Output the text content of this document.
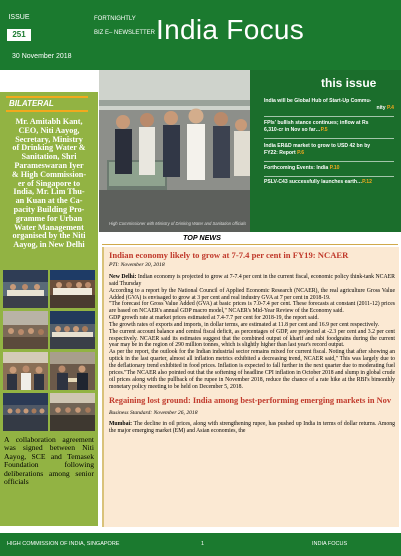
ISSUE
251
FORTNIGHTLY
BIZ E– NEWSLETTER India Focus
30 November 2018
BILATERAL
Mr. Amitabh Kant,
CEO, Niti Aayog,
Secretary, Ministry
of Drinking Water &
Sanitation, Shri
Parameswaran Iyer
& High Commission-
er of Singapore to
India, Mr. Lim Thu-
an Kuan at the Ca-
pacity Building Pro-
gramme for Urban
Water Management
organised by the Niti
Aayog, in New Delhi
A collaboration agreement was signed between Niti Aayog, SCE and Temasek Foundation following deliberations among senior officials
High Commissioner with Ministry of Drinking Water and Sanitation officials
this issue
India will be Global Hub of Start-Up Commu-
nity P.4
FPIs' bullish stance continues; inflow at Rs
6,310-cr in Nov so far…P.5
India ER&D market to grow to USD 42 bn by
FY22: Report P.6
Forthcoming Events: India P.10
PSLV-C43 successfully launches earth…P.12
TOP NEWS
Indian economy likely to grow at 7-7.4 per cent in FY19: NCAER
PTI: November 30, 2018
New Delhi: Indian economy is projected to grow at 7-7.4 per cent in the current fiscal, economic policy think-tank NCAER said Thursday
According to a report by the National Council of Applied Economic Research (NCAER), the real agriculture Gross Value Added (GVA) is envisaged to grow at 3 per cent and real industry GVA at 7 per cent in 2018-19.
"The forecast for Gross Value Added (GVA) at basic prices is 7.0-7.4 per cent. These forecasts at constant (2011-12) prices are based on NCAER's annual GDP macro model," NCAER's Mid-Year Review of the Economy said.
GDP growth rate at market prices estimated at 7.4-7.7 per cent for 2018-19, the report said.
The growth rates of exports and imports, in dollar terms, are estimated at 11.8 per cent and 16.9 per cent respectively.
The current account balance and central fiscal deficit, as percentages of GDP, are projected at -2.3 per cent and 3.2 per cent respectively. NCAER said its estimates suggest that the combined output of kharif and rabi foodgrains during the current year may be in the region of 290 million tonnes, which is slightly higher than last year's record output.
As per the report, the outlook for the Indian industrial sector remains mixed for current fiscal. Noting that after showing an uptick in the last quarter, almost all inflation metrics exhibited a decreasing trend, NCAER said," This was largely due to the deflationary trend exhibited in food prices. Inflation is expected to fall further in the next quarter due to moderating fuel prices."The NCAER also pointed out that the softening of headline CPI inflation in October 2018 and slump in global crude oil prices along with the pullback of the rupee in November 2018, reduce the chance of a rate hike at the RBI's bimonthly monetary policy meeting to be held on December 5, 2018.
Regaining lost ground: India among best-performing emerging markets in Nov
Business Standard: November 26, 2018
Mumbai: The decline in oil prices, along with strengthening rupee, has pushed up India in terms of dollar returns. Among the major emerging market (EM) and Asian economies, the
HIGH COMMISSION OF INDIA, SINGAPORE	1	INDIA FOCUS
